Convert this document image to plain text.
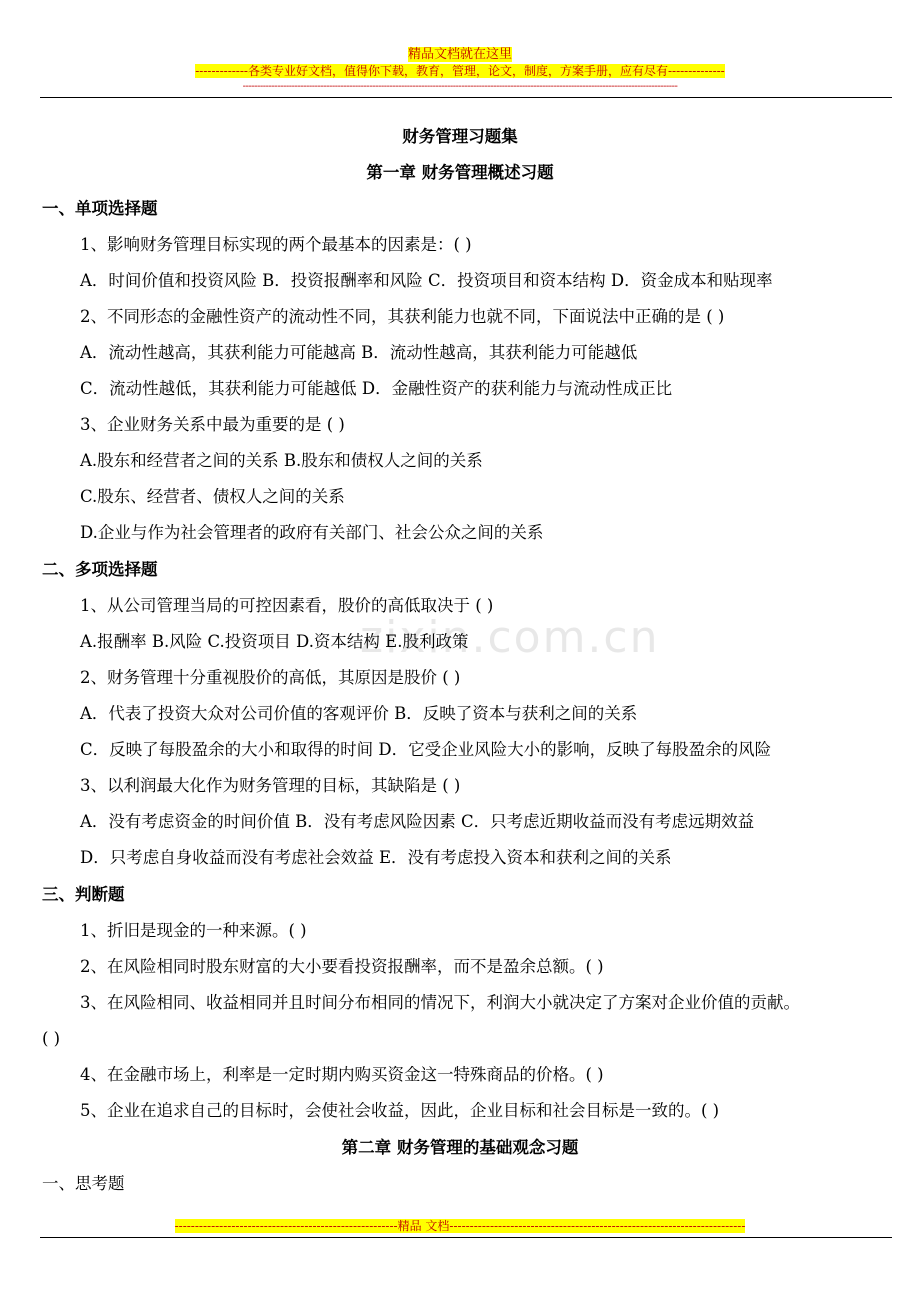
精品文档就在这里
-------------各类专业好文档，值得你下载，教育，管理，论文，制度，方案手册，应有尽有--------------
-------------------------------------------------------------------------------------------------------------------------------------------------------
zixin.com.cn
财务管理习题集
第一章 财务管理概述习题
一、单项选择题
1、影响财务管理目标实现的两个最基本的因素是：( )
A．时间价值和投资风险 B．投资报酬率和风险 C．投资项目和资本结构 D．资金成本和贴现率
2、不同形态的金融性资产的流动性不同，其获利能力也就不同，下面说法中正确的是 ( )
A．流动性越高，其获利能力可能越高 B．流动性越高，其获利能力可能越低
C．流动性越低，其获利能力可能越低 D．金融性资产的获利能力与流动性成正比
3、企业财务关系中最为重要的是 ( )
A.股东和经营者之间的关系 B.股东和债权人之间的关系
C.股东、经营者、债权人之间的关系
D.企业与作为社会管理者的政府有关部门、社会公众之间的关系
二、多项选择题
1、从公司管理当局的可控因素看，股价的高低取决于 ( )
A.报酬率 B.风险 C.投资项目 D.资本结构 E.股利政策
2、财务管理十分重视股价的高低，其原因是股价 ( )
A．代表了投资大众对公司价值的客观评价 B．反映了资本与获利之间的关系
C．反映了每股盈余的大小和取得的时间 D．它受企业风险大小的影响，反映了每股盈余的风险
3、以利润最大化作为财务管理的目标，其缺陷是 ( )
A．没有考虑资金的时间价值 B．没有考虑风险因素 C．只考虑近期收益而没有考虑远期效益
D．只考虑自身收益而没有考虑社会效益 E．没有考虑投入资本和获利之间的关系
三、判断题
1、折旧是现金的一种来源。( )
2、在风险相同时股东财富的大小要看投资报酬率，而不是盈余总额。( )
3、在风险相同、收益相同并且时间分布相同的情况下，利润大小就决定了方案对企业价值的贡献。
( )
4、在金融市场上，利率是一定时期内购买资金这一特殊商品的价格。( )
5、企业在追求自己的目标时，会使社会收益，因此，企业目标和社会目标是一致的。( )
第二章 财务管理的基础观念习题
一、思考题
-------------------------------------------------------精品 文档-------------------------------------------------------------------------
